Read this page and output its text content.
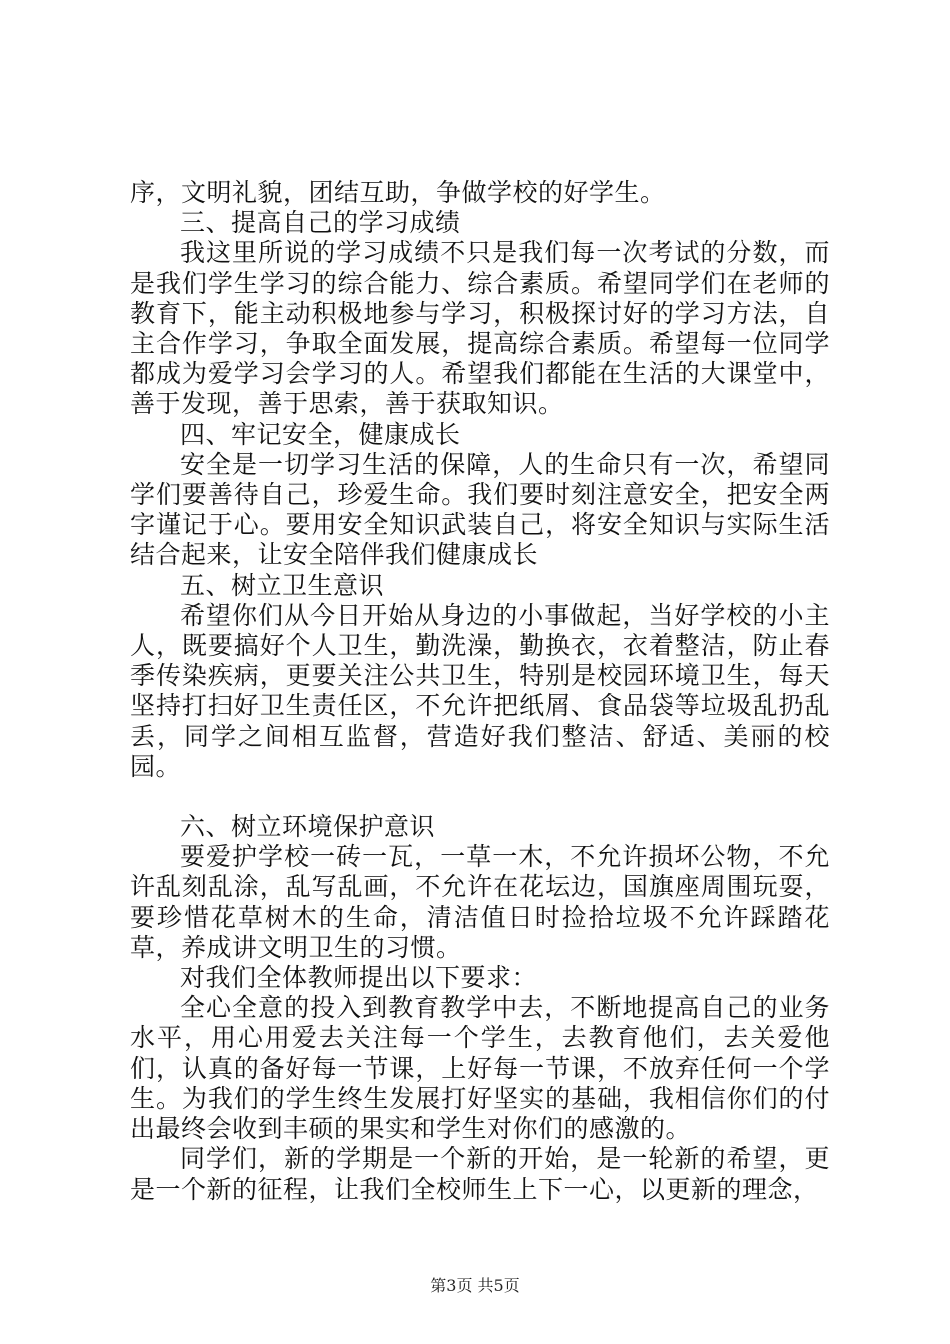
序，文明礼貌，团结互助，争做学校的好学生。

三、提高自己的学习成绩

我这里所说的学习成绩不只是我们每一次考试的分数，而是我们学生学习的综合能力、综合素质。希望同学们在老师的教育下，能主动积极地参与学习，积极探讨好的学习方法，自主合作学习，争取全面发展，提高综合素质。希望每一位同学都成为爱学习会学习的人。希望我们都能在生活的大课堂中，善于发现，善于思索，善于获取知识。

四、牢记安全，健康成长

安全是一切学习生活的保障，人的生命只有一次，希望同学们要善待自己，珍爱生命。我们要时刻注意安全，把安全两字谨记于心。要用安全知识武装自己，将安全知识与实际生活结合起来，让安全陪伴我们健康成长

五、树立卫生意识

希望你们从今日开始从身边的小事做起，当好学校的小主人，既要搞好个人卫生，勤洗澡，勤换衣，衣着整洁，防止春季传染疾病，更要关注公共卫生，特别是校园环境卫生，每天坚持打扫好卫生责任区，不允许把纸屑、食品袋等垃圾乱扔乱丢，同学之间相互监督，营造好我们整洁、舒适、美丽的校园。

六、树立环境保护意识

要爱护学校一砖一瓦，一草一木，不允许损坏公物，不允许乱刻乱涂，乱写乱画，不允许在花坛边，国旗座周围玩耍，要珍惜花草树木的生命，清洁值日时捡拾垃圾不允许踩踏花草，养成讲文明卫生的习惯。

对我们全体教师提出以下要求：

全心全意的投入到教育教学中去，不断地提高自己的业务水平，用心用爱去关注每一个学生，去教育他们，去关爱他们，认真的备好每一节课，上好每一节课，不放弃任何一个学生。为我们的学生终生发展打好坚实的基础，我相信你们的付出最终会收到丰硕的果实和学生对你们的感激的。

同学们，新的学期是一个新的开始，是一轮新的希望，更是一个新的征程，让我们全校师生上下一心，以更新的理念，

第3页 共5页
